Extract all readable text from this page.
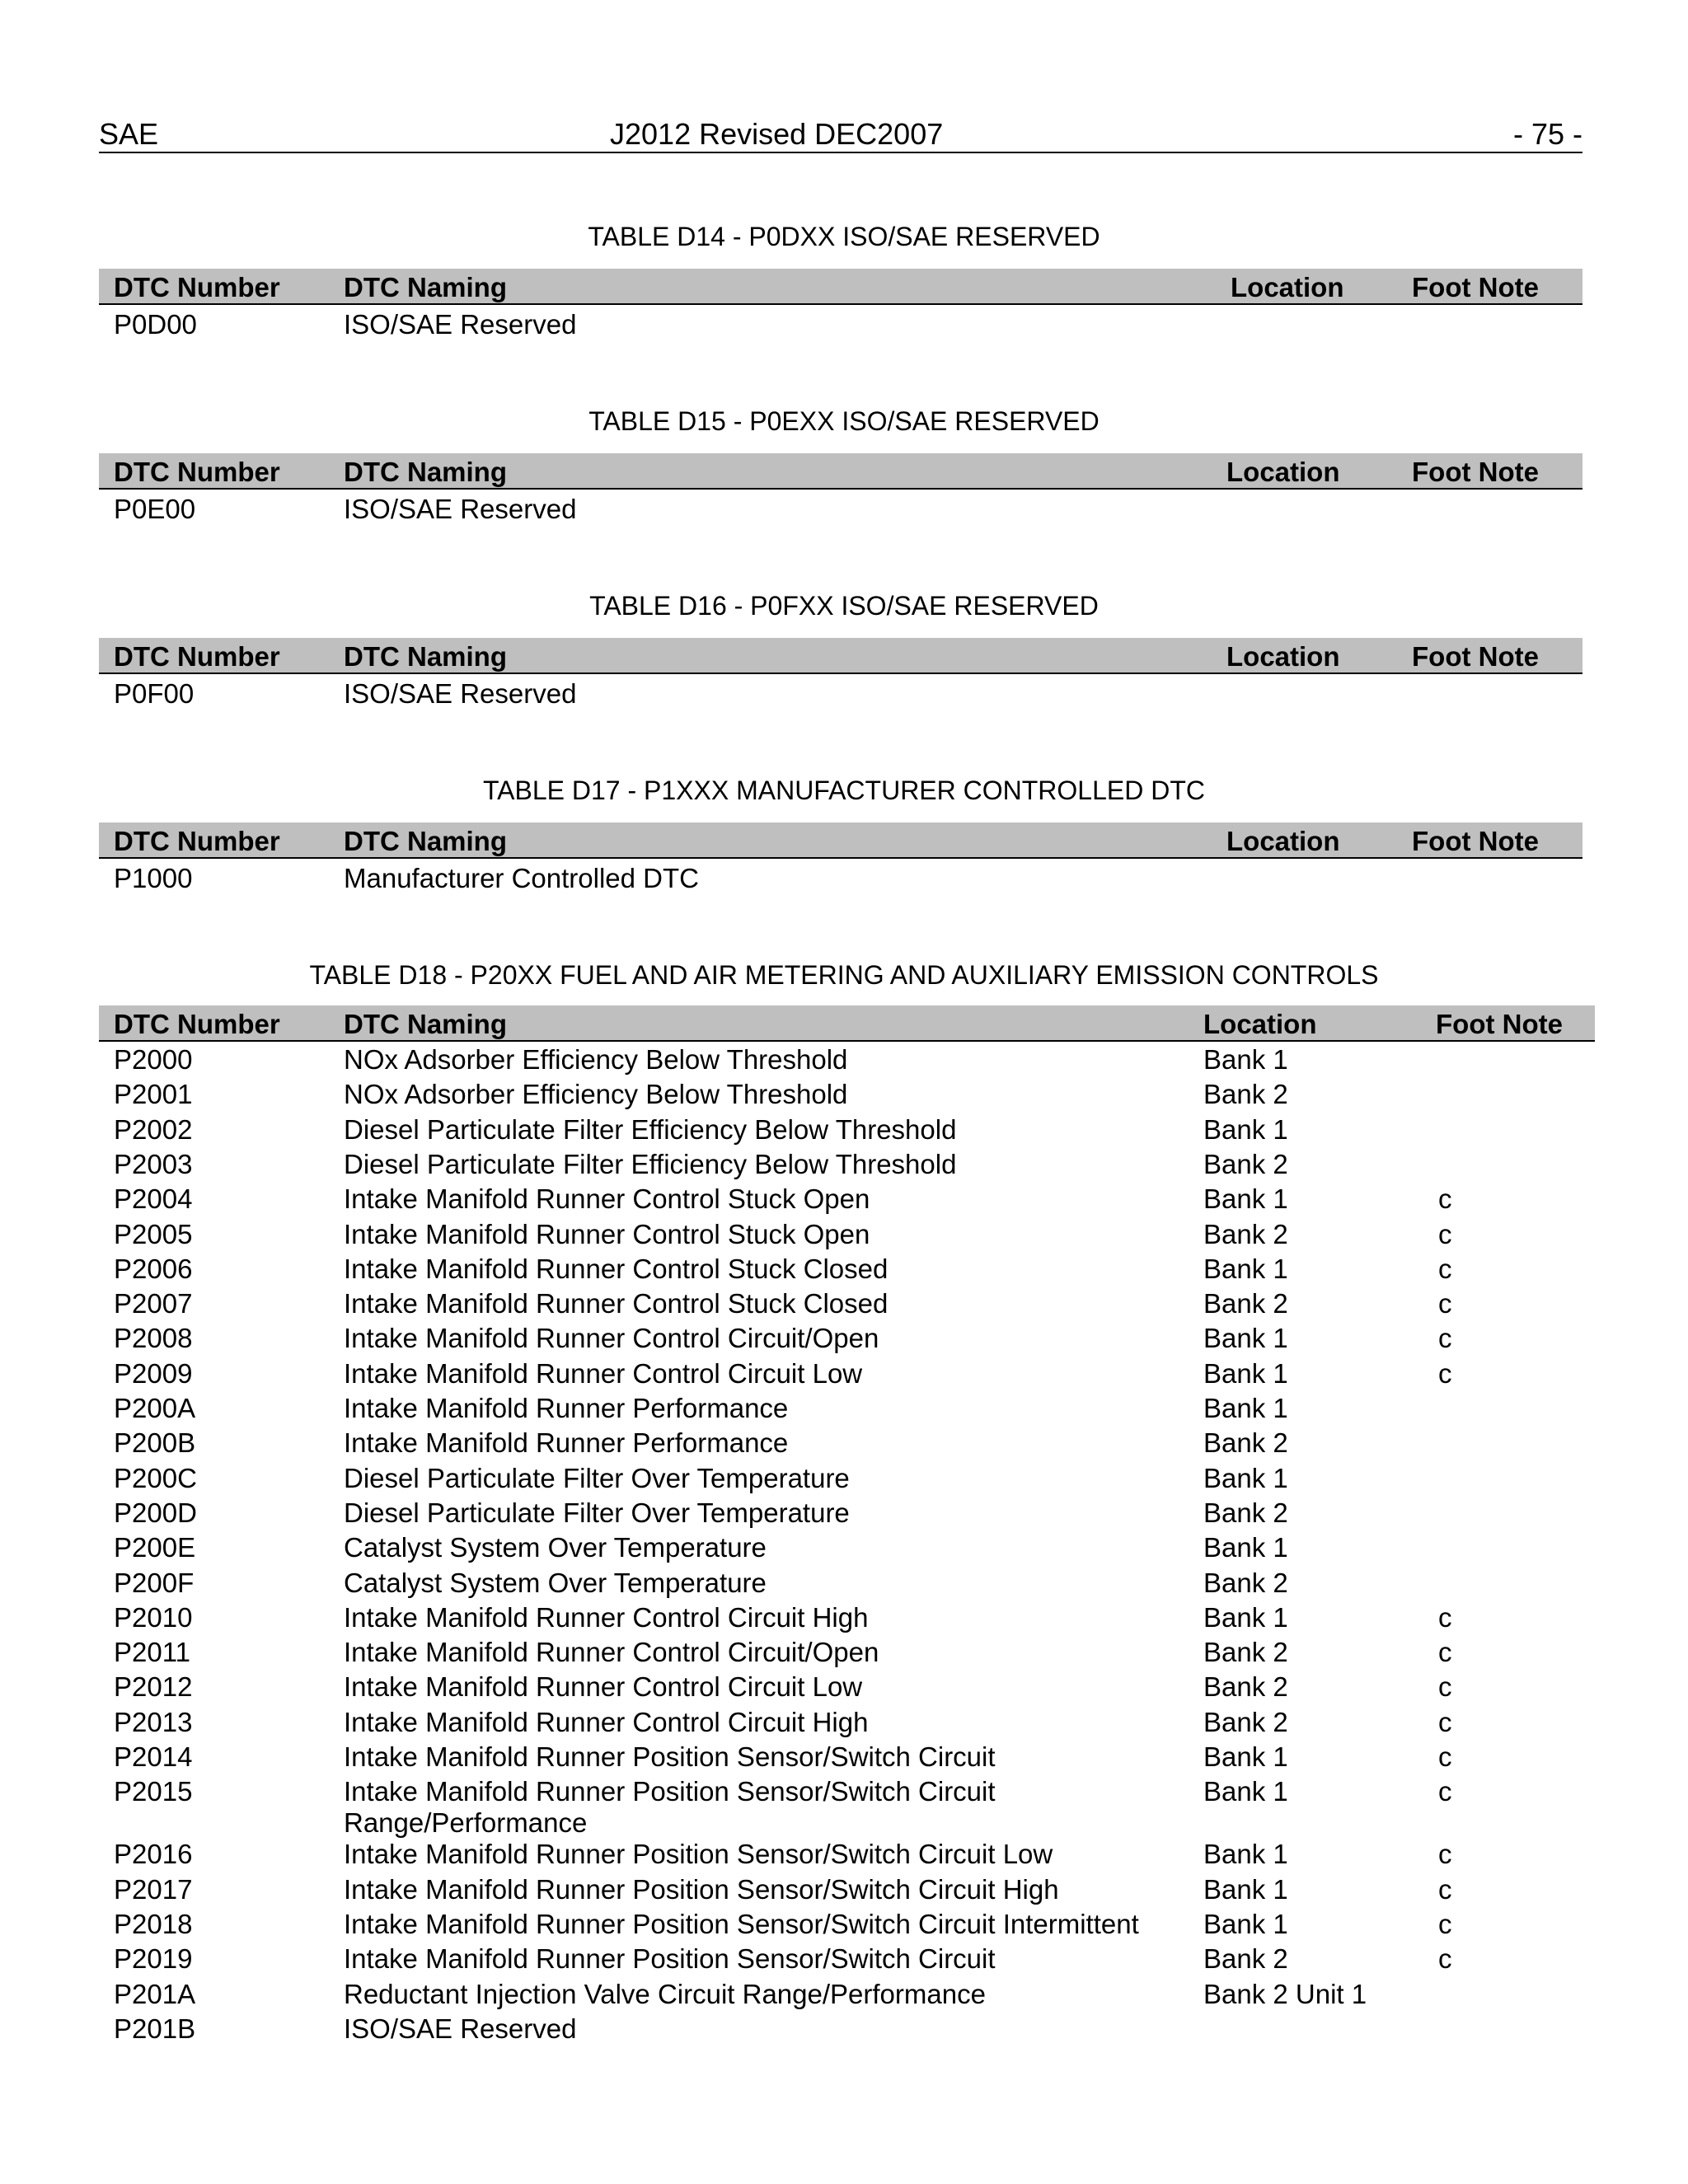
SAE	J2012 Revised DEC2007	- 75 -
TABLE D14 - P0DXX ISO/SAE RESERVED
DTC Number DTC Naming	Location	Foot Note
P0D00	ISO/SAE Reserved
TABLE D15 - P0EXX ISO/SAE RESERVED
DTC Number DTC Naming	Location	Foot Note
P0E00	ISO/SAE Reserved
TABLE D16 - P0FXX ISO/SAE RESERVED
DTC Number DTC Naming	Location	Foot Note
P0F00	ISO/SAE Reserved
TABLE D17 - P1XXX MANUFACTURER CONTROLLED DTC
DTC Number DTC Naming	Location	Foot Note
P1000	Manufacturer Controlled DTC
TABLE D18 - P20XX FUEL AND AIR METERING AND AUXILIARY EMISSION CONTROLS
DTC Number DTC Naming	Location	Foot Note
P2000	NOx Adsorber Efficiency Below Threshold	Bank 1
P2001	NOx Adsorber Efficiency Below Threshold	Bank 2
P2002	Diesel Particulate Filter Efficiency Below Threshold	Bank 1
P2003	Diesel Particulate Filter Efficiency Below Threshold	Bank 2
P2004	Intake Manifold Runner Control Stuck Open	Bank 1	c
P2005	Intake Manifold Runner Control Stuck Open	Bank 2	c
P2006	Intake Manifold Runner Control Stuck Closed	Bank 1	c
P2007	Intake Manifold Runner Control Stuck Closed	Bank 2	c
P2008	Intake Manifold Runner Control Circuit/Open	Bank 1	c
P2009	Intake Manifold Runner Control Circuit Low	Bank 1	c
P200A	Intake Manifold Runner Performance	Bank 1
P200B	Intake Manifold Runner Performance	Bank 2
P200C	Diesel Particulate Filter Over Temperature	Bank 1
P200D	Diesel Particulate Filter Over Temperature	Bank 2
P200E	Catalyst System Over Temperature	Bank 1
P200F	Catalyst System Over Temperature	Bank 2
P2010	Intake Manifold Runner Control Circuit High	Bank 1	c
P2011	Intake Manifold Runner Control Circuit/Open	Bank 2	c
P2012	Intake Manifold Runner Control Circuit Low	Bank 2	c
P2013	Intake Manifold Runner Control Circuit High	Bank 2	c
P2014	Intake Manifold Runner Position Sensor/Switch Circuit	Bank 1	c
P2015	Intake Manifold Runner Position Sensor/Switch Circuit	Bank 1	c
Range/Performance
P2016	Intake Manifold Runner Position Sensor/Switch Circuit Low	Bank 1	c
P2017	Intake Manifold Runner Position Sensor/Switch Circuit High	Bank 1	c
P2018	Intake Manifold Runner Position Sensor/Switch Circuit Intermittent Bank 1	c
P2019	Intake Manifold Runner Position Sensor/Switch Circuit	Bank 2	c
P201A	Reductant Injection Valve Circuit Range/Performance	Bank 2 Unit 1
P201B	ISO/SAE Reserved
